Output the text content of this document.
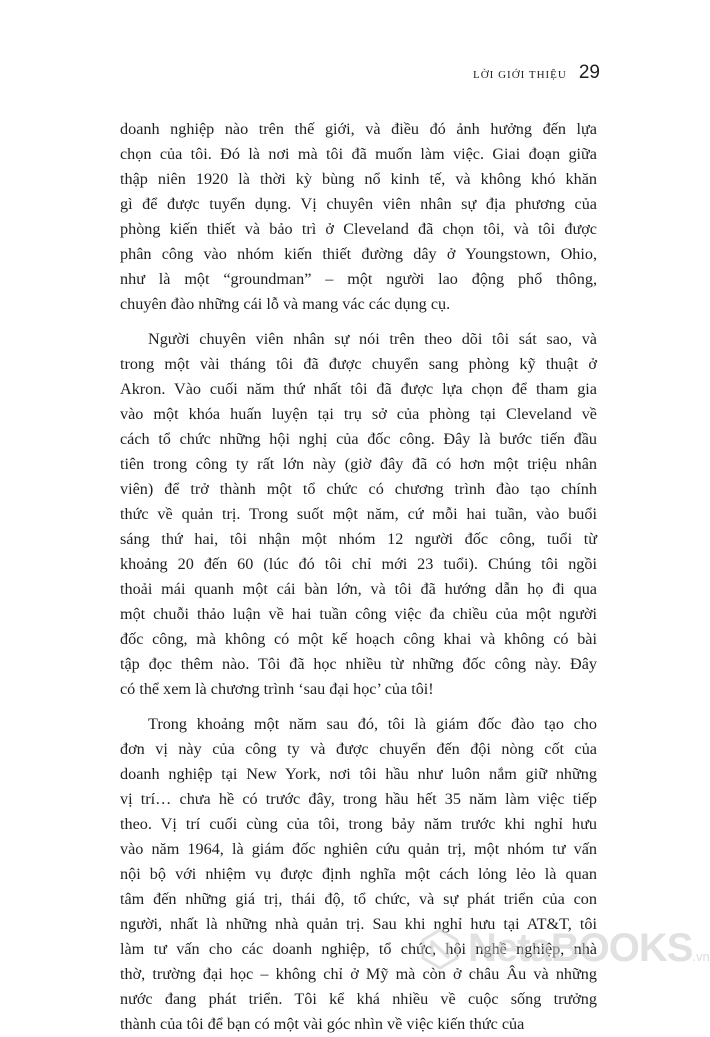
LỜI GIỚI THIỆU 29
doanh nghiệp nào trên thế giới, và điều đó ảnh hưởng đến lựa
chọn của tôi. Đó là nơi mà tôi đã muốn làm việc. Giai đoạn giữa
thập niên 1920 là thời kỳ bùng nổ kinh tế, và không khó khăn
gì để được tuyển dụng. Vị chuyên viên nhân sự địa phương của
phòng kiến thiết và bảo trì ở Cleveland đã chọn tôi, và tôi được
phân công vào nhóm kiến thiết đường dây ở Youngstown, Ohio,
như là một “groundman” – một người lao động phổ thông,
chuyên đào những cái lỗ và mang vác các dụng cụ.
Người chuyên viên nhân sự nói trên theo dõi tôi sát sao, và
trong một vài tháng tôi đã được chuyển sang phòng kỹ thuật ở
Akron. Vào cuối năm thứ nhất tôi đã được lựa chọn để tham gia
vào một khóa huấn luyện tại trụ sở của phòng tại Cleveland về
cách tổ chức những hội nghị của đốc công. Đây là bước tiến đầu
tiên trong công ty rất lớn này (giờ đây đã có hơn một triệu nhân
viên) để trở thành một tổ chức có chương trình đào tạo chính
thức về quản trị. Trong suốt một năm, cứ mỗi hai tuần, vào buổi
sáng thứ hai, tôi nhận một nhóm 12 người đốc công, tuổi từ
khoảng 20 đến 60 (lúc đó tôi chỉ mới 23 tuổi). Chúng tôi ngồi
thoải mái quanh một cái bàn lớn, và tôi đã hướng dẫn họ đi qua
một chuỗi thảo luận về hai tuần công việc đa chiều của một người
đốc công, mà không có một kế hoạch công khai và không có bài
tập đọc thêm nào. Tôi đã học nhiều từ những đốc công này. Đây
có thể xem là chương trình ‘sau đại học’ của tôi!
Trong khoảng một năm sau đó, tôi là giám đốc đào tạo cho
đơn vị này của công ty và được chuyển đến đội nòng cốt của
doanh nghiệp tại New York, nơi tôi hầu như luôn nắm giữ những
vị trí… chưa hề có trước đây, trong hầu hết 35 năm làm việc tiếp
theo. Vị trí cuối cùng của tôi, trong bảy năm trước khi nghỉ hưu
vào năm 1964, là giám đốc nghiên cứu quản trị, một nhóm tư vấn
nội bộ với nhiệm vụ được định nghĩa một cách lỏng lẻo là quan
tâm đến những giá trị, thái độ, tổ chức, và sự phát triển của con
người, nhất là những nhà quản trị. Sau khi nghỉ hưu tại AT&T, tôi
làm tư vấn cho các doanh nghiệp, tổ chức, hội nghề nghiệp, nhà
thờ, trường đại học – không chỉ ở Mỹ mà còn ở châu Âu và những
nước đang phát triển. Tôi kể khá nhiều về cuộc sống trưởng
thành của tôi để bạn có một vài góc nhìn về việc kiến thức của
NetaBOOKS.vn
